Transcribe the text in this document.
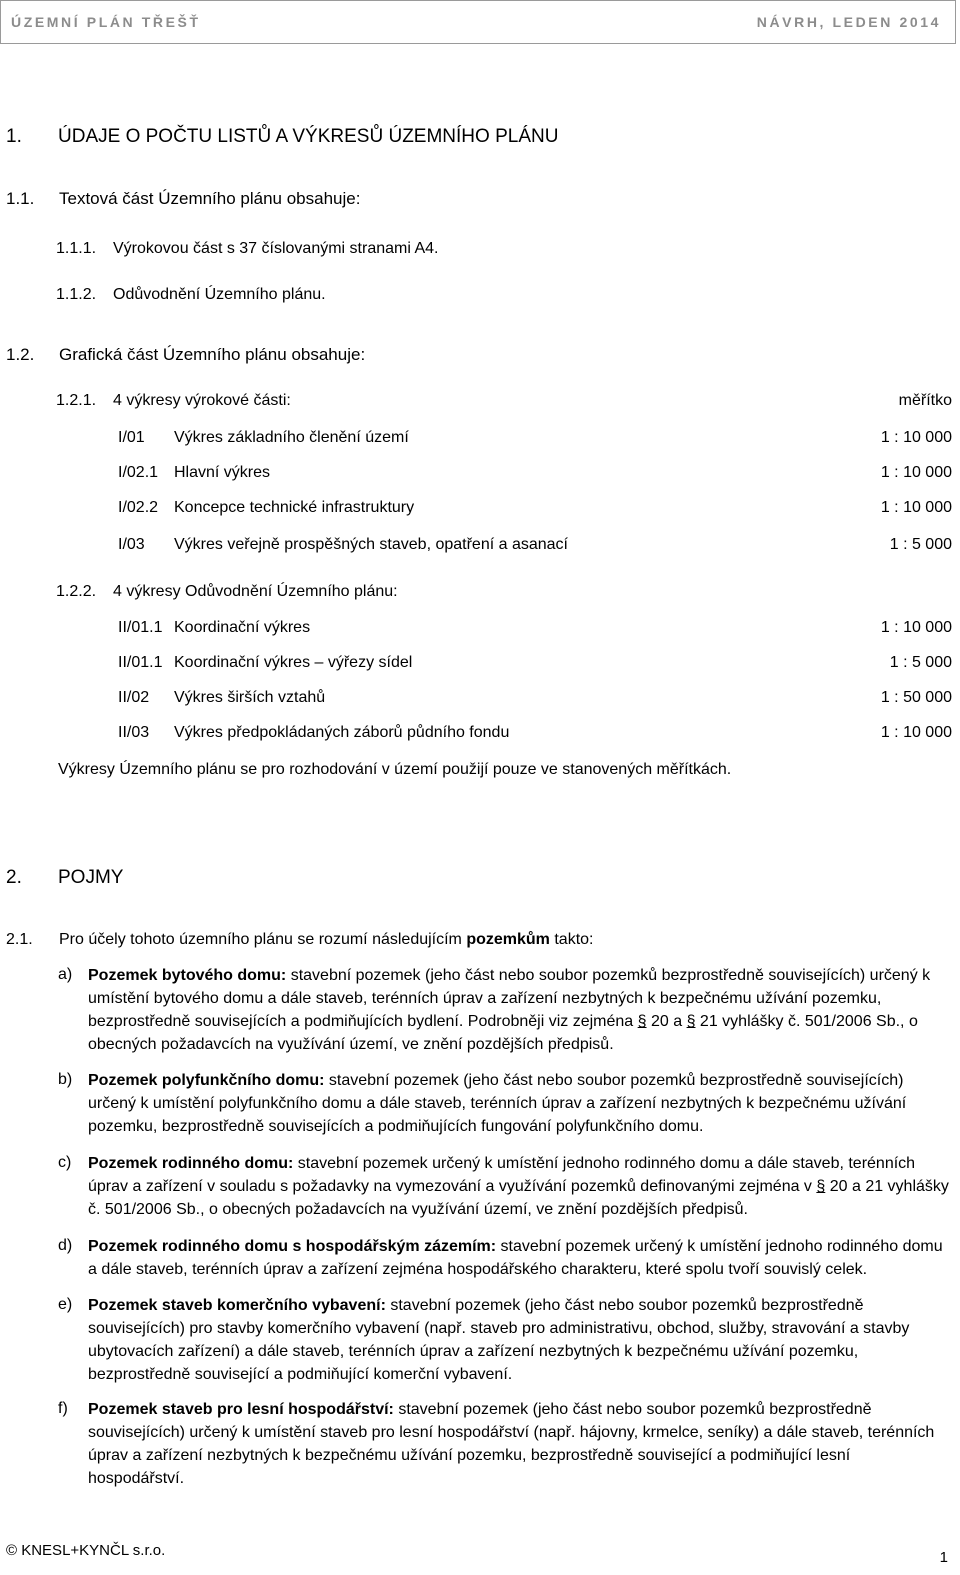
ÚZEMNÍ PLÁN TŘEŠŤ	NÁVRH, LEDEN 2014
1. ÚDAJE O POČTU LISTŮ A VÝKRESŮ ÚZEMNÍHO PLÁNU
1.1. Textová část Územního plánu obsahuje:
1.1.1. Výrokovou část s 37 číslovanými stranami A4.
1.1.2. Odůvodnění Územního plánu.
1.2. Grafická část Územního plánu obsahuje:
1.2.1. 4 výkresy výrokové části:	měřítko
I/01 Výkres základního členění území	1 : 10 000
I/02.1 Hlavní výkres	1 : 10 000
I/02.2 Koncepce technické infrastruktury	1 : 10 000
I/03 Výkres veřejně prospěšných staveb, opatření a asanací	1 : 5 000
1.2.2. 4 výkresy Odůvodnění Územního plánu:
II/01.1 Koordinační výkres	1 : 10 000
II/01.1 Koordinační výkres – výřezy sídel	1 : 5 000
II/02 Výkres širších vztahů	1 : 50 000
II/03 Výkres předpokládaných záborů půdního fondu	1 : 10 000
Výkresy Územního plánu se pro rozhodování v území použijí pouze ve stanovených měřítkách.
2. POJMY
2.1. Pro účely tohoto územního plánu se rozumí následujícím pozemkům takto:
a) Pozemek bytového domu: stavební pozemek (jeho část nebo soubor pozemků bezprostředně souvisejících) určený k umístění bytového domu a dále staveb, terénních úprav a zařízení nezbytných k bezpečnému užívání pozemku, bezprostředně souvisejících a podmiňujících bydlení. Podrobněji viz zejména § 20 a § 21 vyhlášky č. 501/2006 Sb., o obecných požadavcích na využívání území, ve znění pozdějších předpisů.
b) Pozemek polyfunkčního domu: stavební pozemek (jeho část nebo soubor pozemků bezprostředně souvisejících) určený k umístění polyfunkčního domu a dále staveb, terénních úprav a zařízení nezbytných k bezpečnému užívání pozemku, bezprostředně souvisejících a podmiňujících fungování polyfunkčního domu.
c) Pozemek rodinného domu: stavební pozemek určený k umístění jednoho rodinného domu a dále staveb, terénních úprav a zařízení v souladu s požadavky na vymezování a využívání pozemků definovanými zejména v § 20 a 21 vyhlášky č. 501/2006 Sb., o obecných požadavcích na využívání území, ve znění pozdějších předpisů.
d) Pozemek rodinného domu s hospodářským zázemím: stavební pozemek určený k umístění jednoho rodinného domu a dále staveb, terénních úprav a zařízení zejména hospodářského charakteru, které spolu tvoří souvislý celek.
e) Pozemek staveb komerčního vybavení: stavební pozemek (jeho část nebo soubor pozemků bezprostředně souvisejících) pro stavby komerčního vybavení (např. staveb pro administrativu, obchod, služby, stravování a stavby ubytovacích zařízení) a dále staveb, terénních úprav a zařízení nezbytných k bezpečnému užívání pozemku, bezprostředně související a podmiňující komerční vybavení.
f) Pozemek staveb pro lesní hospodářství: stavební pozemek (jeho část nebo soubor pozemků bezprostředně souvisejících) určený k umístění staveb pro lesní hospodářství (např. hájovny, krmelce, seníky) a dále staveb, terénních úprav a zařízení nezbytných k bezpečnému užívání pozemku, bezprostředně související a podmiňující lesní hospodářství.
© KNESL+KYNČL s.r.o.	1
